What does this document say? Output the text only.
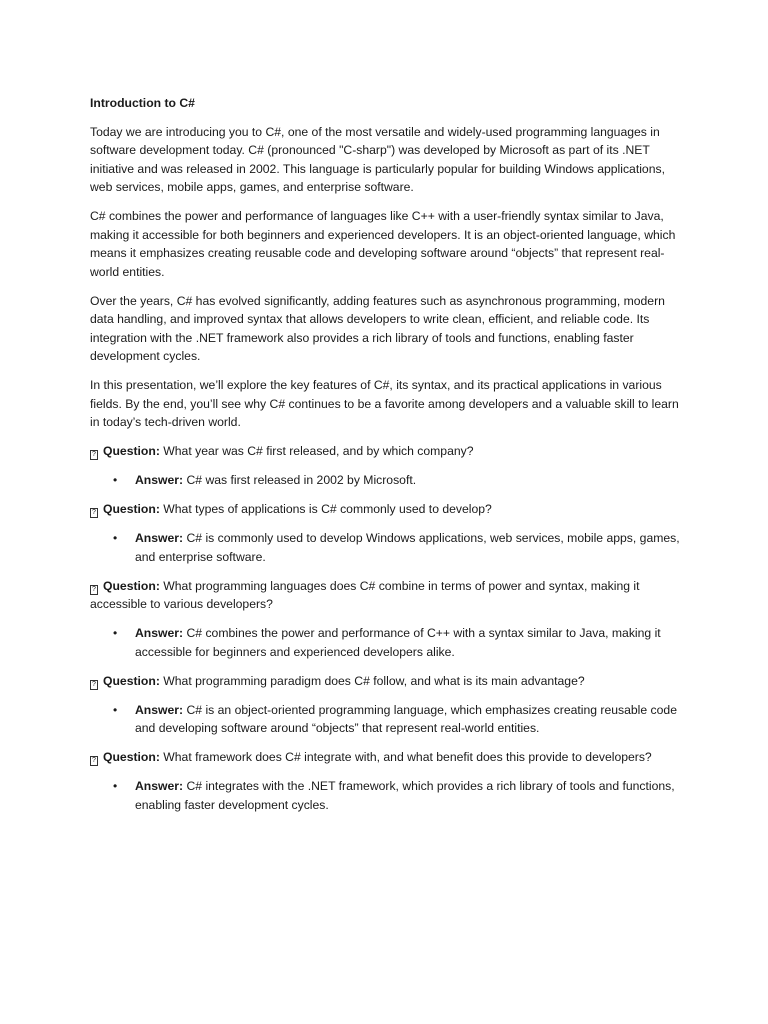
Introduction to C#

Today we are introducing you to C#, one of the most versatile and widely-used programming languages in software development today. C# (pronounced "C-sharp") was developed by Microsoft as part of its .NET initiative and was released in 2002. This language is particularly popular for building Windows applications, web services, mobile apps, games, and enterprise software.

C# combines the power and performance of languages like C++ with a user-friendly syntax similar to Java, making it accessible for both beginners and experienced developers. It is an object-oriented language, which means it emphasizes creating reusable code and developing software around “objects” that represent real-world entities.

Over the years, C# has evolved significantly, adding features such as asynchronous programming, modern data handling, and improved syntax that allows developers to write clean, efficient, and reliable code. Its integration with the .NET framework also provides a rich library of tools and functions, enabling faster development cycles.

In this presentation, we’ll explore the key features of C#, its syntax, and its practical applications in various fields. By the end, you’ll see why C# continues to be a favorite among developers and a valuable skill to learn in today’s tech-driven world.

? Question: What year was C# first released, and by which company?
• Answer: C# was first released in 2002 by Microsoft.
? Question: What types of applications is C# commonly used to develop?
• Answer: C# is commonly used to develop Windows applications, web services, mobile apps, games, and enterprise software.
? Question: What programming languages does C# combine in terms of power and syntax, making it accessible to various developers?
• Answer: C# combines the power and performance of C++ with a syntax similar to Java, making it accessible for beginners and experienced developers alike.
? Question: What programming paradigm does C# follow, and what is its main advantage?
• Answer: C# is an object-oriented programming language, which emphasizes creating reusable code and developing software around “objects” that represent real-world entities.
? Question: What framework does C# integrate with, and what benefit does this provide to developers?
• Answer: C# integrates with the .NET framework, which provides a rich library of tools and functions, enabling faster development cycles.
